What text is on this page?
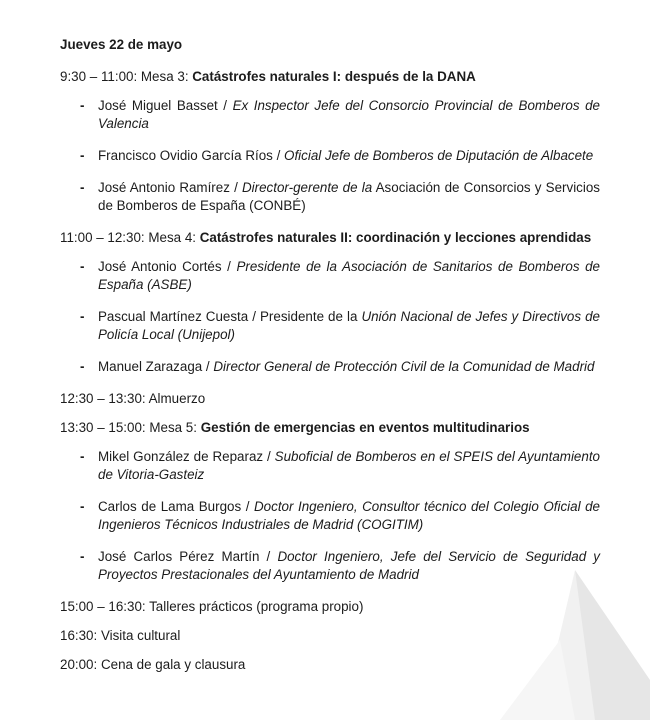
Jueves 22 de mayo
9:30 – 11:00: Mesa 3: Catástrofes naturales I: después de la DANA
- José Miguel Basset / Ex Inspector Jefe del Consorcio Provincial de Bomberos de Valencia
- Francisco Ovidio García Ríos / Oficial Jefe de Bomberos de Diputación de Albacete
- José Antonio Ramírez / Director-gerente de la Asociación de Consorcios y Servicios de Bomberos de España (CONBÉ)
11:00 – 12:30: Mesa 4: Catástrofes naturales II: coordinación y lecciones aprendidas
- José Antonio Cortés / Presidente de la Asociación de Sanitarios de Bomberos de España (ASBE)
- Pascual Martínez Cuesta / Presidente de la Unión Nacional de Jefes y Directivos de Policía Local (Unijepol)
- Manuel Zarazaga / Director General de Protección Civil de la Comunidad de Madrid
12:30 – 13:30: Almuerzo
13:30 – 15:00: Mesa 5: Gestión de emergencias en eventos multitudinarios
- Mikel González de Reparaz / Suboficial de Bomberos en el SPEIS del Ayuntamiento de Vitoria-Gasteiz
- Carlos de Lama Burgos / Doctor Ingeniero, Consultor técnico del Colegio Oficial de Ingenieros Técnicos Industriales de Madrid (COGITIM)
- José Carlos Pérez Martín / Doctor Ingeniero, Jefe del Servicio de Seguridad y Proyectos Prestacionales del Ayuntamiento de Madrid
15:00 – 16:30: Talleres prácticos (programa propio)
16:30: Visita cultural
20:00: Cena de gala y clausura
